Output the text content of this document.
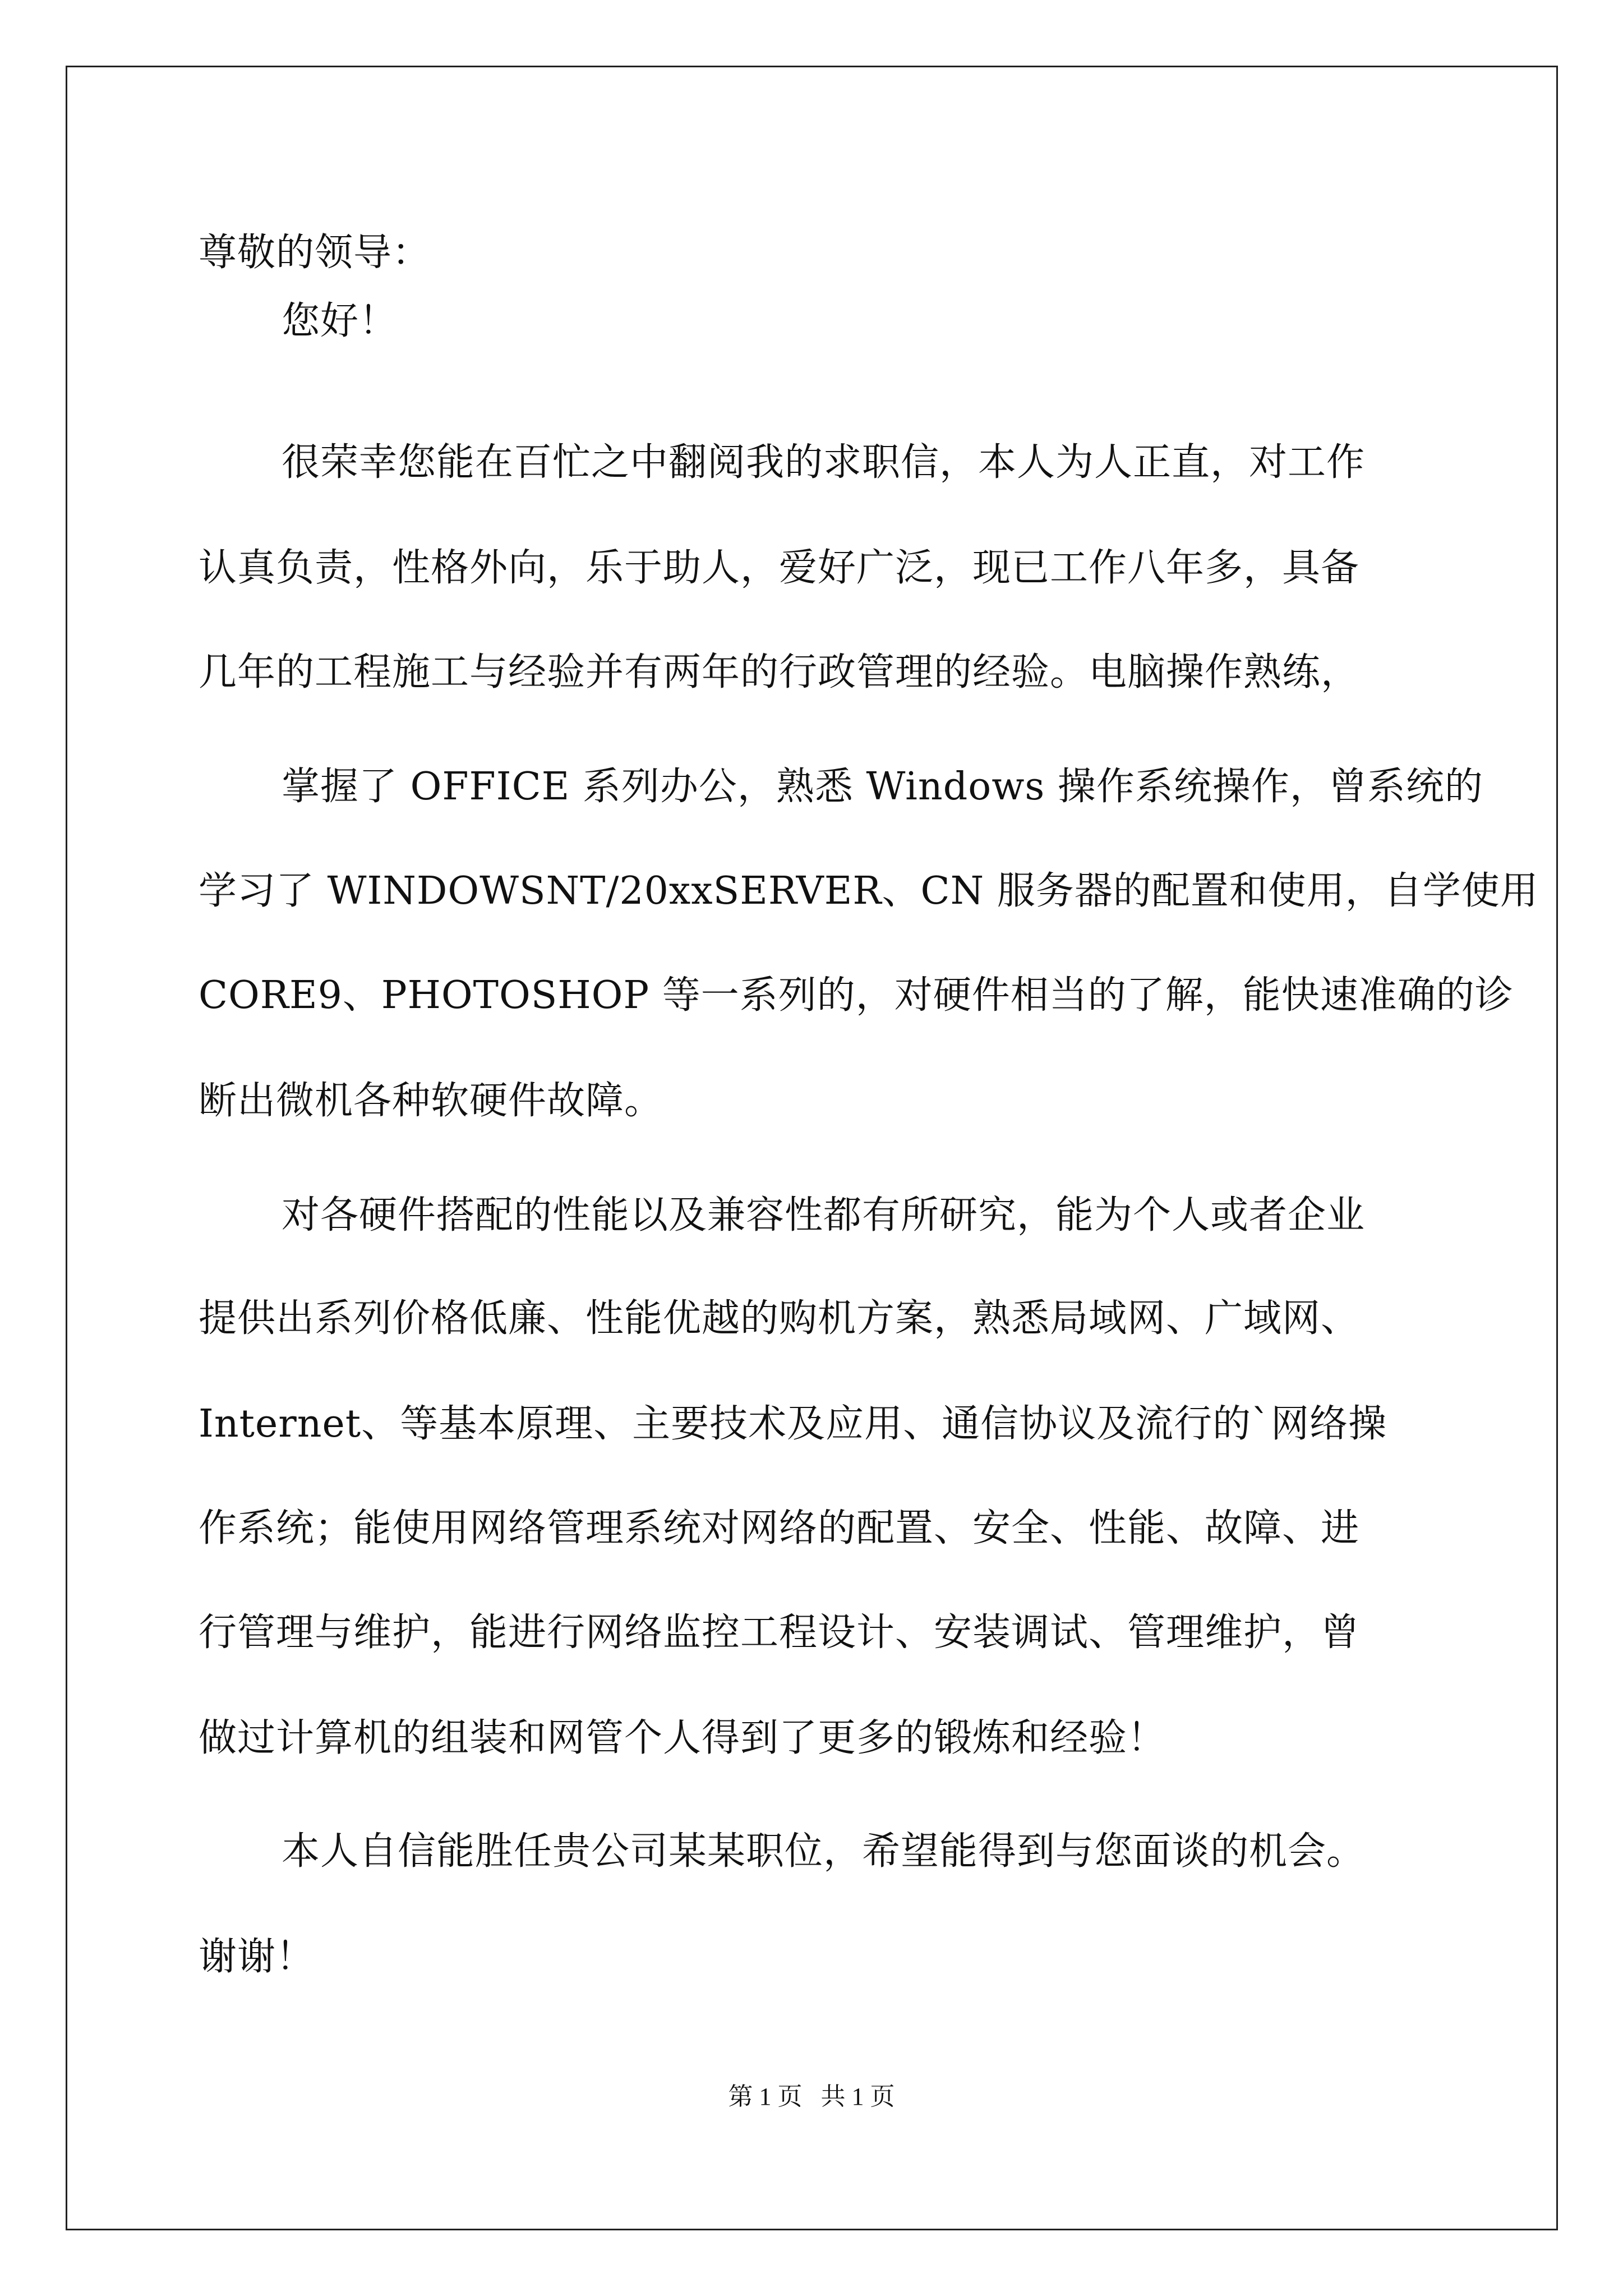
尊敬的领导：
您好！
很荣幸您能在百忙之中翻阅我的求职信，本人为人正直，对工作
认真负责，性格外向，乐于助人，爱好广泛，现已工作八年多，具备
几年的工程施工与经验并有两年的行政管理的经验。电脑操作熟练，
掌握了 OFFICE 系列办公，熟悉 Windows 操作系统操作，曾系统的
学习了 WINDOWSNT/20xxSERVER、CN 服务器的配置和使用，自学使用
CORE9、PHOTOSHOP 等一系列的，对硬件相当的了解，能快速准确的诊
断出微机各种软硬件故障。
对各硬件搭配的性能以及兼容性都有所研究，能为个人或者企业
提供出系列价格低廉、性能优越的购机方案，熟悉局域网、广域网、
Internet、等基本原理、主要技术及应用、通信协议及流行的`网络操
作系统；能使用网络管理系统对网络的配置、安全、性能、故障、进
行管理与维护，能进行网络监控工程设计、安装调试、管理维护，曾
做过计算机的组装和网管个人得到了更多的锻炼和经验！
本人自信能胜任贵公司某某职位，希望能得到与您面谈的机会。
谢谢！
第 1 页   共 1 页
